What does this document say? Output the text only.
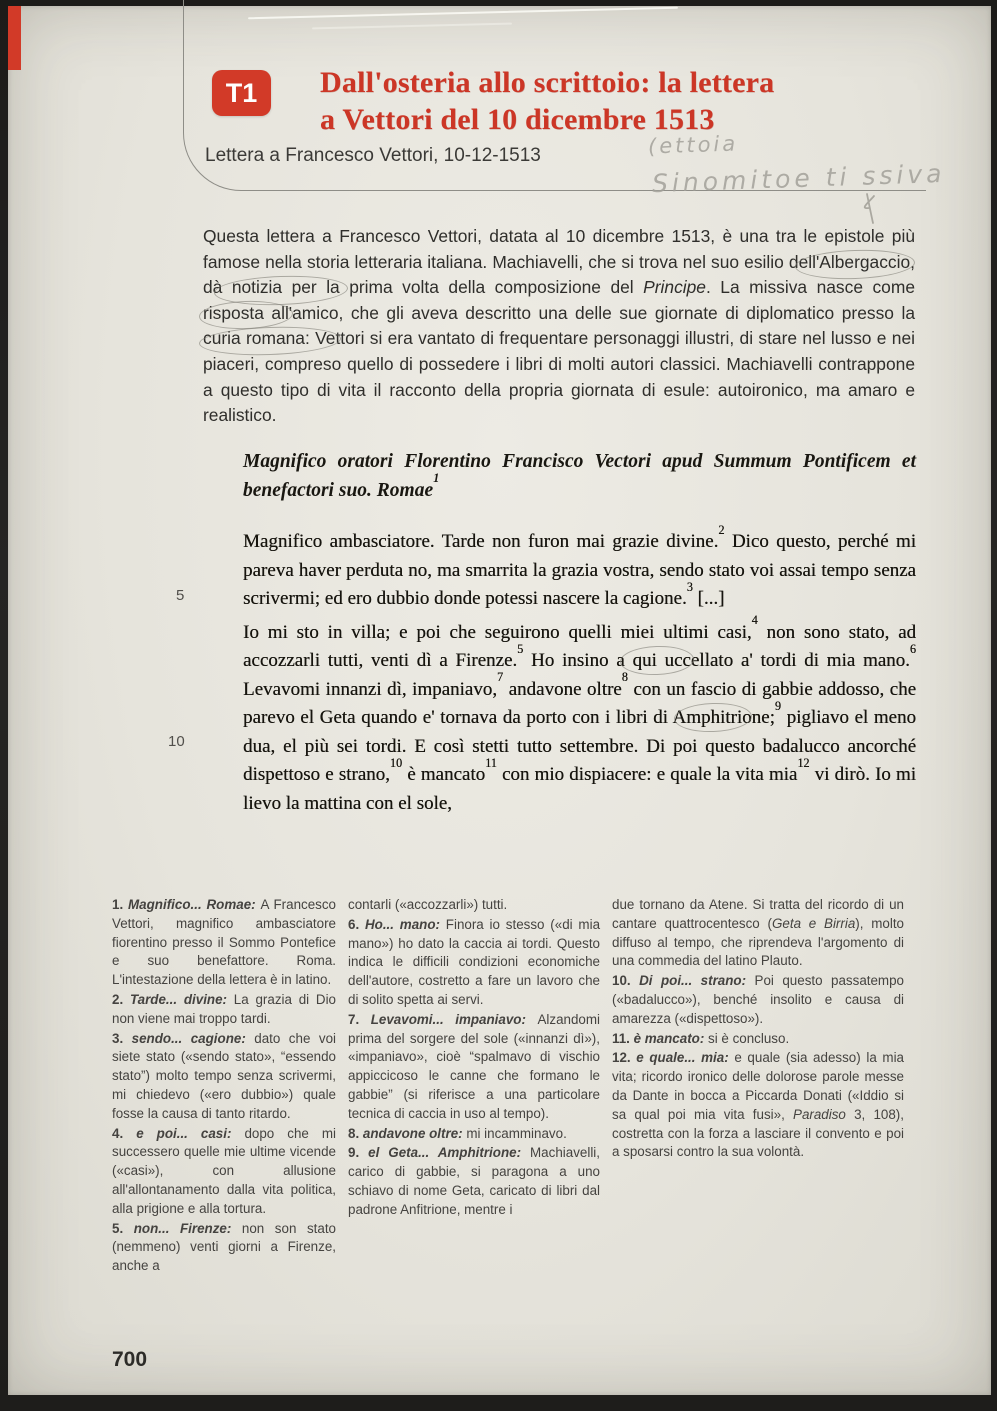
T1	Dall'osteria allo scrittoio: la lettera
a Vettori del 10 dicembre 1513
Lettera a Francesco Vettori, 10-12-1513	(ettoia
Sinomitoe ti ssiva

Questa lettera a Francesco Vettori, datata al 10 dicembre 1513, è una tra le epistole più famose nella storia letteraria italiana. Machiavelli, che si trova nel suo esilio dell'Albergaccio, dà notizia per la prima volta della composizione del Principe. La missiva nasce come risposta all'amico, che gli aveva descritto una delle sue giornate di diplomatico presso la curia romana: Vettori si era vantato di frequentare personaggi illustri, di stare nel lusso e nei piaceri, compreso quello di possedere i libri di molti autori classici. Machiavelli contrappone a questo tipo di vita il racconto della propria giornata di esule: autoironico, ma amaro e realistico.

Magnifico oratori Florentino Francisco Vectori apud Summum Pontificem et benefactori suo. Romae$^1$

Magnifico ambasciatore. Tarde non furon mai grazie divine.$^2$ Dico questo, perché mi pareva haver perduta no, ma smarrita la grazia vostra, sendo stato voi assai tempo senza scrivermi; ed ero dubbio donde potessi nascere la cagione.$^3$ [...]

Io mi sto in villa; e poi che seguirono quelli miei ultimi casi,$^4$ non sono stato, ad accozzarli tutti, venti dì a Firenze.$^5$ Ho insino a qui uccellato a' tordi di mia mano.$^6$ Levavomi innanzi dì, impaniavo,$^7$ andavone oltre$^8$ con un fascio di gabbie addosso, che parevo el Geta quando e' tornava da porto con i libri di Amphitrione;$^9$ pigliavo el meno dua, el più sei tordi. E così stetti tutto settembre. Di poi questo badalucco ancorché dispettoso e strano,$^{10}$ è mancato$^{11}$ con mio dispiacere: e quale la vita mia$^{12}$ vi dirò. Io mi lievo la mattina con el sole,

5
10

1. Magnifico... Romae: A Francesco Vettori, magnifico ambasciatore fiorentino presso il Sommo Pontefice e suo benefattore. Roma. L'intestazione della lettera è in latino.

2. Tarde... divine: La grazia di Dio non viene mai troppo tardi.

3. sendo... cagione: dato che voi siete stato («sendo stato», “essendo stato”) molto tempo senza scrivermi, mi chiedevo («ero dubbio») quale fosse la causa di tanto ritardo.

4. e poi... casi: dopo che mi successero quelle mie ultime vicende («casi»), con allusione all'allontanamento dalla vita politica, alla prigione e alla tortura.

5. non... Firenze: non son stato (nemmeno) venti giorni a Firenze, anche a

contarli («accozzarli») tutti.

6. Ho... mano: Finora io stesso («di mia mano») ho dato la caccia ai tordi. Questo indica le difficili condizioni economiche dell'autore, costretto a fare un lavoro che di solito spetta ai servi.

7. Levavomi... impaniavo: Alzandomi prima del sorgere del sole («innanzi dì»), «impaniavo», cioè “spalmavo di vischio appiccicoso le canne che formano le gabbie” (si riferisce a una particolare tecnica di caccia in uso al tempo).

8. andavone oltre: mi incamminavo.

9. el Geta... Amphitrione: Machiavelli, carico di gabbie, si paragona a uno schiavo di nome Geta, caricato di libri dal padrone Anfitrione, mentre i

due tornano da Atene. Si tratta del ricordo di un cantare quattrocentesco (Geta e Birria), molto diffuso al tempo, che riprendeva l'argomento di una commedia del latino Plauto.

10. Di poi... strano: Poi questo passatempo («badalucco»), benché insolito e causa di amarezza («dispettoso»).

11. è mancato: si è concluso.

12. e quale... mia: e quale (sia adesso) la mia vita; ricordo ironico delle dolorose parole messe da Dante in bocca a Piccarda Donati («Iddio si sa qual poi mia vita fusi», Paradiso 3, 108), costretta con la forza a lasciare il convento e poi a sposarsi contro la sua volontà.

700
